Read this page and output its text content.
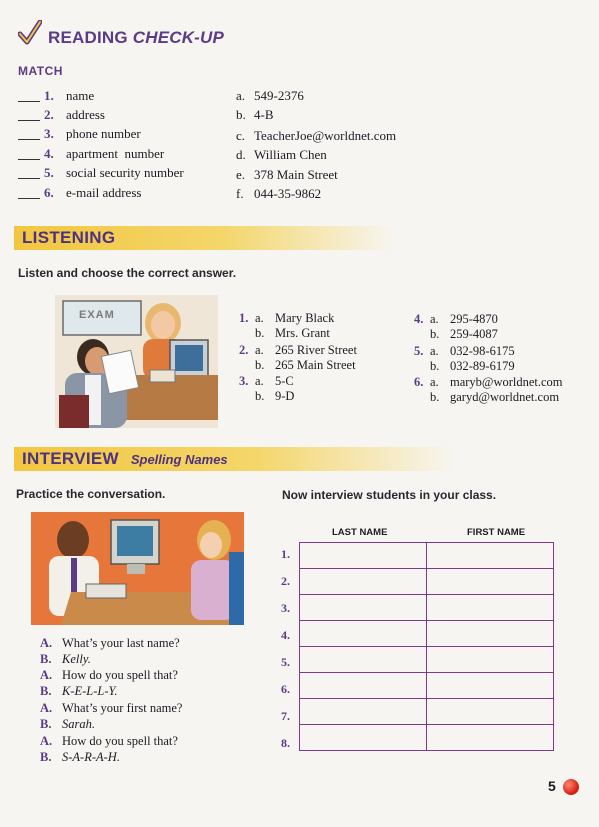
READING CHECK-UP
MATCH
1. name
2. address
3. phone number
4. apartment  number
5. social security number
6. e-mail address
a. 549-2376
b. 4-B
c. TeacherJoe@worldnet.com
d. William Chen
e. 378 Main Street
f. 044-35-9862
LISTENING
Listen and choose the correct answer.
EXAM	1. a. Mary Black
b. Mrs. Grant
2. a. 265 River Street
b. 265 Main Street
3. a. 5-C
b. 9-D
4. a. 295-4870
b. 259-4087
5. a. 032-98-6175
b. 032-89-6179
6. a. maryb@worldnet.com
b. garyd@worldnet.com
INTERVIEW Spelling Names
Practice the conversation.	Now interview students in your class.
A. What’s your last name?
B. Kelly.
A. How do you spell that?
B. K-E-L-L-Y.
A. What’s your first name?
B. Sarah.
A. How do you spell that?
B. S-A-R-A-H.
LAST NAME	FIRST NAME
1.
2.
3.
4.
5.
6.
7.
8.

5
